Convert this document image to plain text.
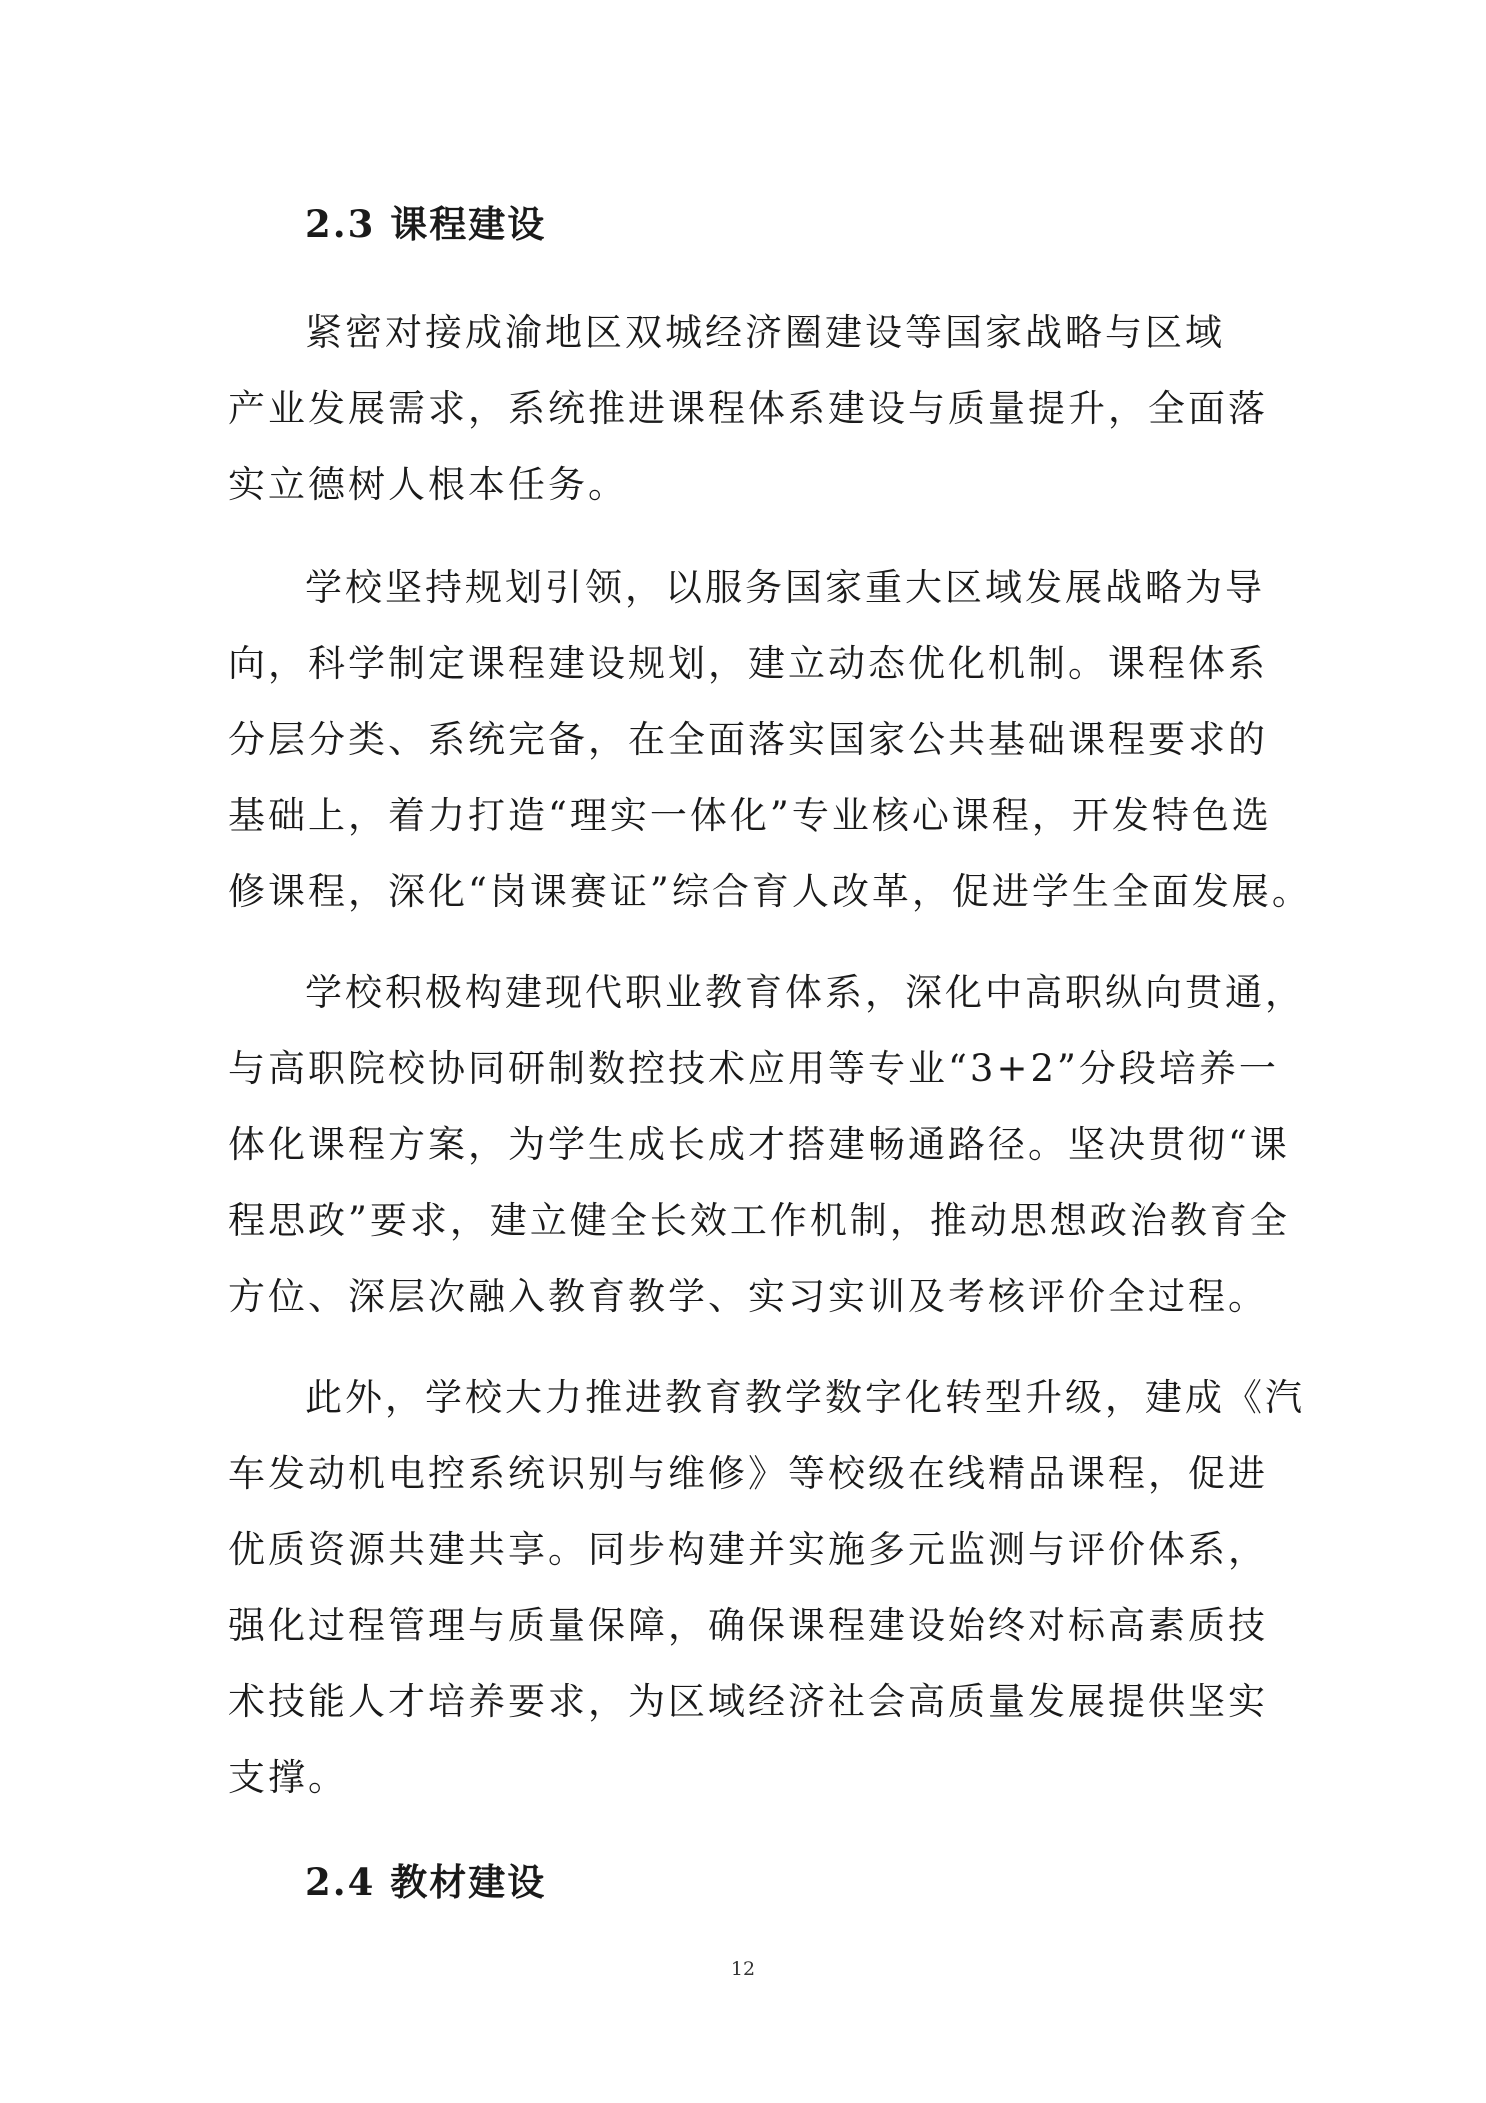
2.3 课程建设
紧密对接成渝地区双城经济圈建设等国家战略与区域
产业发展需求，系统推进课程体系建设与质量提升，全面落
实立德树人根本任务。
学校坚持规划引领，以服务国家重大区域发展战略为导
向，科学制定课程建设规划，建立动态优化机制。课程体系
分层分类、系统完备，在全面落实国家公共基础课程要求的
基础上，着力打造“理实一体化”专业核心课程，开发特色选
修课程，深化“岗课赛证”综合育人改革，促进学生全面发展。
学校积极构建现代职业教育体系，深化中高职纵向贯通，
与高职院校协同研制数控技术应用等专业“3+2”分段培养一
体化课程方案，为学生成长成才搭建畅通路径。坚决贯彻“课
程思政”要求，建立健全长效工作机制，推动思想政治教育全
方位、深层次融入教育教学、实习实训及考核评价全过程。
此外，学校大力推进教育教学数字化转型升级，建成《汽
车发动机电控系统识别与维修》等校级在线精品课程，促进
优质资源共建共享。同步构建并实施多元监测与评价体系，
强化过程管理与质量保障，确保课程建设始终对标高素质技
术技能人才培养要求，为区域经济社会高质量发展提供坚实
支撑。
2.4 教材建设
12
